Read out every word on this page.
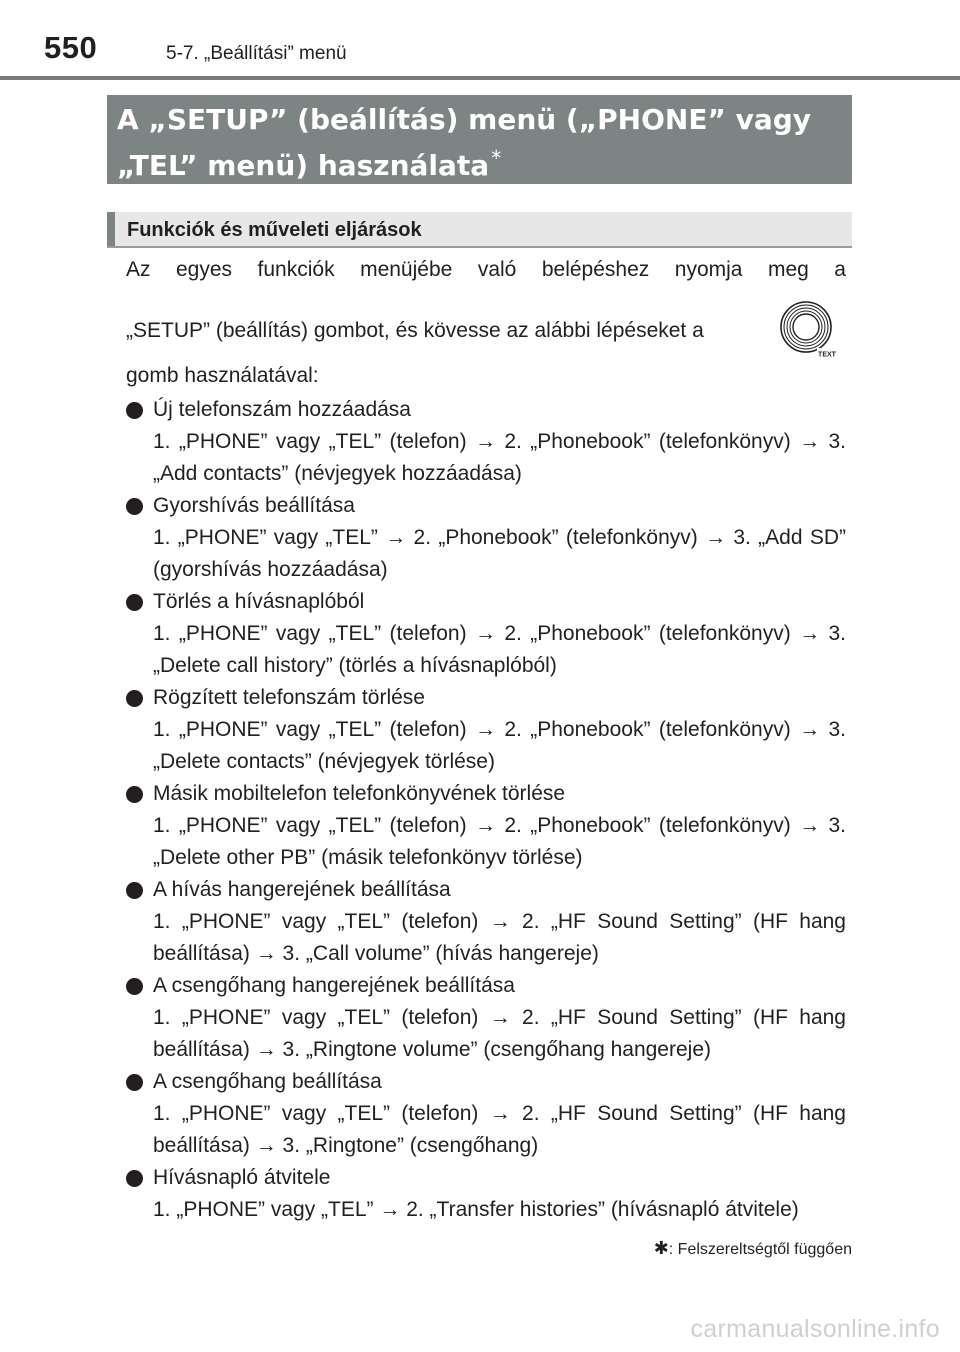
550	5-7. „Beállítási” menü
A „SETUP” (beállítás) menü („PHONE” vagy
„TEL” menü) használata *
Funkciók és műveleti eljárások
Az egyes funkciók menüjébe való belépéshez nyomja meg a
„SETUP” (beállítás) gombot, és kövesse az alábbi lépéseket a
gomb használatával:
TEXT
Új telefonszám hozzáadása
1. „PHONE” vagy „TEL” (telefon) → 2. „Phonebook” (telefonkönyv) → 3. „Add contacts” (névjegyek hozzáadása)
Gyorshívás beállítása
1. „PHONE” vagy „TEL” → 2. „Phonebook” (telefonkönyv) → 3. „Add SD” (gyorshívás hozzáadása)
Törlés a hívásnaplóból
1. „PHONE” vagy „TEL” (telefon) → 2. „Phonebook” (telefonkönyv) → 3. „Delete call history” (törlés a hívásnaplóból)
Rögzített telefonszám törlése
1. „PHONE” vagy „TEL” (telefon) → 2. „Phonebook” (telefonkönyv) → 3. „Delete contacts” (névjegyek törlése)
Másik mobiltelefon telefonkönyvének törlése
1. „PHONE” vagy „TEL” (telefon) → 2. „Phonebook” (telefonkönyv) → 3. „Delete other PB” (másik telefonkönyv törlése)
A hívás hangerejének beállítása
1. „PHONE” vagy „TEL” (telefon) → 2. „HF Sound Setting” (HF hang beállítása) → 3. „Call volume” (hívás hangereje)
A csengőhang hangerejének beállítása
1. „PHONE” vagy „TEL” (telefon) → 2. „HF Sound Setting” (HF hang beállítása) → 3. „Ringtone volume” (csengőhang hangereje)
A csengőhang beállítása
1. „PHONE” vagy „TEL” (telefon) → 2. „HF Sound Setting” (HF hang beállítása) → 3. „Ringtone” (csengőhang)
Hívásnapló átvitele
1. „PHONE” vagy „TEL” → 2. „Transfer histories” (hívásnapló átvitele)
✱: Felszereltségtől függően
carmanualsonline.info
